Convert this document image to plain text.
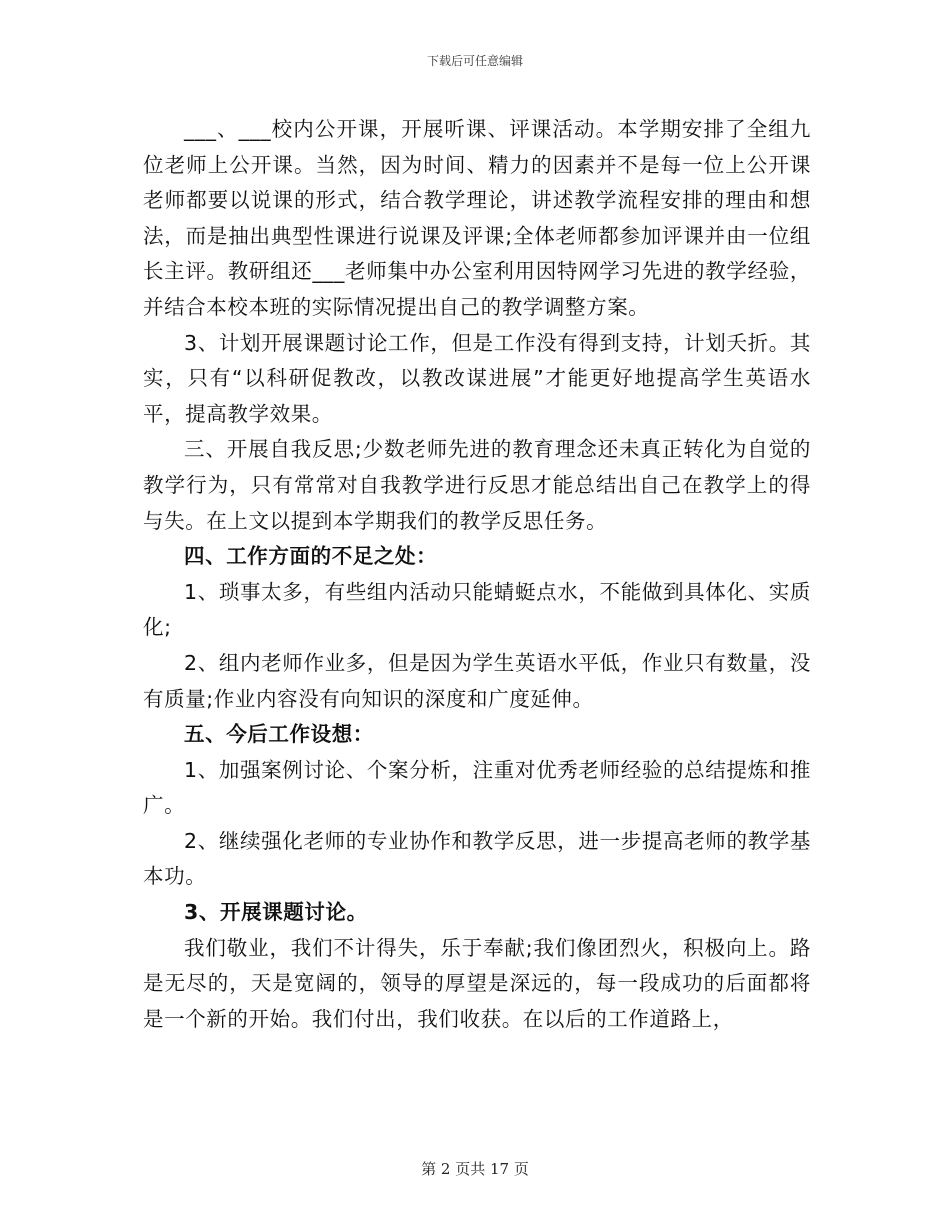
下载后可任意编辑

___、___校内公开课，开展听课、评课活动。本学期安排了全组九位老师上公开课。当然，因为时间、精力的因素并不是每一位上公开课老师都要以说课的形式，结合教学理论，讲述教学流程安排的理由和想法，而是抽出典型性课进行说课及评课;全体老师都参加评课并由一位组长主评。教研组还___老师集中办公室利用因特网学习先进的教学经验，并结合本校本班的实际情况提出自己的教学调整方案。

3、计划开展课题讨论工作，但是工作没有得到支持，计划夭折。其实，只有“以科研促教改，以教改谋进展”才能更好地提高学生英语水平，提高教学效果。

三、开展自我反思;少数老师先进的教育理念还未真正转化为自觉的教学行为，只有常常对自我教学进行反思才能总结出自己在教学上的得与失。在上文以提到本学期我们的教学反思任务。

四、工作方面的不足之处：

1、琐事太多，有些组内活动只能蜻蜓点水，不能做到具体化、实质化;

2、组内老师作业多，但是因为学生英语水平低，作业只有数量，没有质量;作业内容没有向知识的深度和广度延伸。

五、今后工作设想：

1、加强案例讨论、个案分析，注重对优秀老师经验的总结提炼和推广。

2、继续强化老师的专业协作和教学反思，进一步提高老师的教学基本功。

3、开展课题讨论。

我们敬业，我们不计得失，乐于奉献;我们像团烈火，积极向上。路是无尽的，天是宽阔的，领导的厚望是深远的，每一段成功的后面都将是一个新的开始。我们付出，我们收获。在以后的工作道路上，

第 2 页共 17 页
